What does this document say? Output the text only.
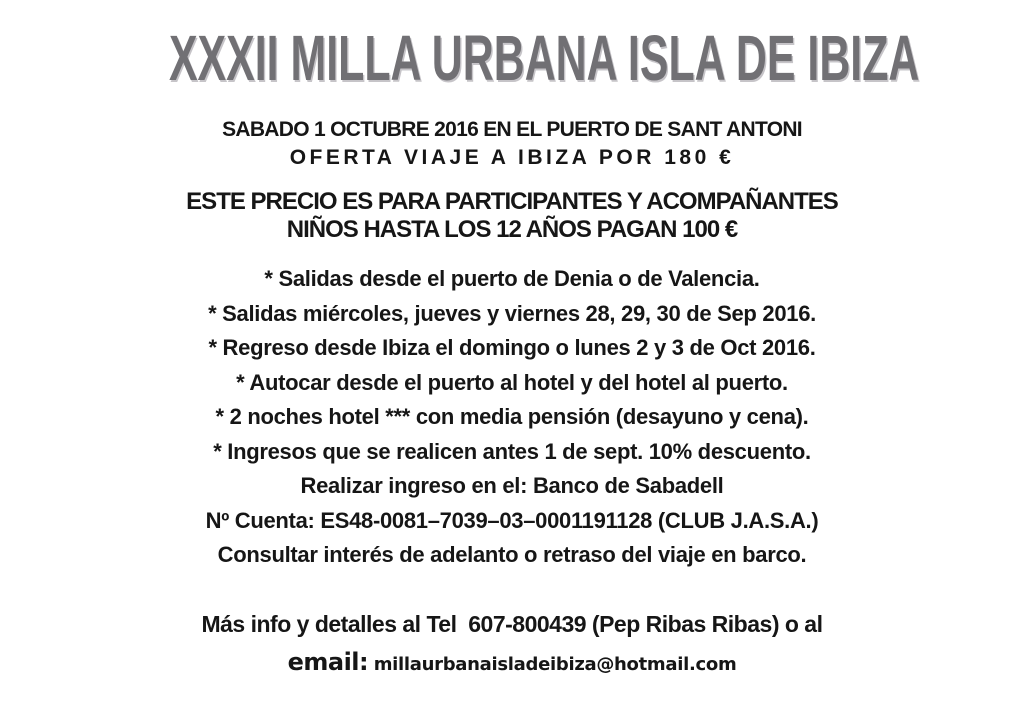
XXXII MILLA URBANA ISLA DE IBIZA

SABADO 1 OCTUBRE 2016 EN EL PUERTO DE SANT ANTONI

OFERTA VIAJE A IBIZA POR 180 €

ESTE PRECIO ES PARA PARTICIPANTES Y ACOMPAÑANTES

NIÑOS HASTA LOS 12 AÑOS PAGAN 100 €

* Salidas desde el puerto de Denia o de Valencia.

* Salidas miércoles, jueves y viernes 28, 29, 30 de Sep 2016.

* Regreso desde Ibiza el domingo o lunes 2 y 3 de Oct 2016.

* Autocar desde el puerto al hotel y del hotel al puerto.

* 2 noches hotel *** con media pensión (desayuno y cena).

* Ingresos que se realicen antes 1 de sept. 10% descuento.

Realizar ingreso en el: Banco de Sabadell

Nº Cuenta: ES48-0081–7039–03–0001191128 (CLUB J.A.S.A.)

Consultar interés de adelanto o retraso del viaje en barco.

Más info y detalles al Tel  607-800439 (Pep Ribas Ribas) o al

email: millaurbanaisladeibiza@hotmail.com
